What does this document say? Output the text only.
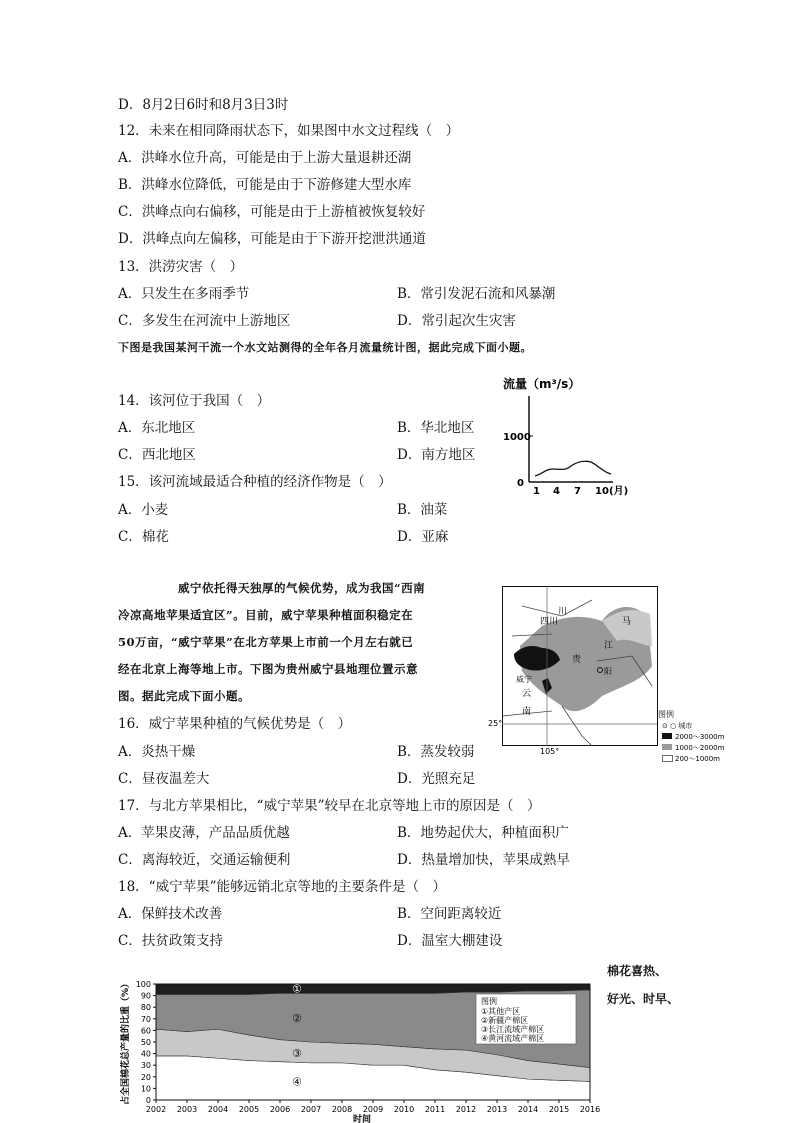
D．8月2日6时和8月3日3时
12．未来在相同降雨状态下，如果图中水文过程线（　）
A．洪峰水位升高，可能是由于上游大量退耕还湖
B．洪峰水位降低，可能是由于下游修建大型水库
C．洪峰点向右偏移，可能是由于上游植被恢复较好
D．洪峰点向左偏移，可能是由于下游开挖泄洪通道
13．洪涝灾害（　）
A．只发生在多雨季节	B．常引发泥石流和风暴潮
C．多发生在河流中上游地区	D．常引起次生灾害
下图是我国某河干流一个水文站测得的全年各月流量统计图，据此完成下面小题。
14．该河位于我国（　）
A．东北地区	B．华北地区
C．西北地区	D．南方地区
15．该河流域最适合种植的经济作物是（　）
A．小麦	B．油菜
C．棉花	D．亚麻
流量（m³/s）
1000
0
1 4 7 10 (月)
威宁依托得天独厚的气候优势，成为我国“西南
冷凉高地苹果适宜区”。目前，威宁苹果种植面积稳定在
50万亩，“威宁苹果”在北方苹果上市前一个月左右就已
经在北京上海等地上市。下图为贵州威宁县地理位置示意
图。据此完成下面小题。
四川
川
马
江
贵
阳
威宁
云
南
25°
105°
图例
⊙ ○ 城市
2000～3000m
1000～2000m
200～1000m
16．威宁苹果种植的气候优势是（　）
A．炎热干燥	B．蒸发较弱
C．昼夜温差大	D．光照充足
17．与北方苹果相比，“威宁苹果”较早在北京等地上市的原因是（　）
A．苹果皮薄，产品品质优越	B．地势起伏大，种植面积广
C．离海较近，交通运输便利	D．热量增加快，苹果成熟早
18．“威宁苹果”能够远销北京等地的主要条件是（　）
A．保鲜技术改善	B．空间距离较近
C．扶贫政策支持	D．温室大棚建设
棉花喜热、
好光、时早、
0
10
20
30
40
50
60
70
80
90
100
2002 2003 2004 2005 2006 2007 2008 2009 2010 2011 2012 2013 2014 2015 2016
④
③
②
①
图例
①其他产区
②新疆产棉区
③长江流域产棉区
④黄河流域产棉区
占全国棉花总产量的比重（%）
时间
